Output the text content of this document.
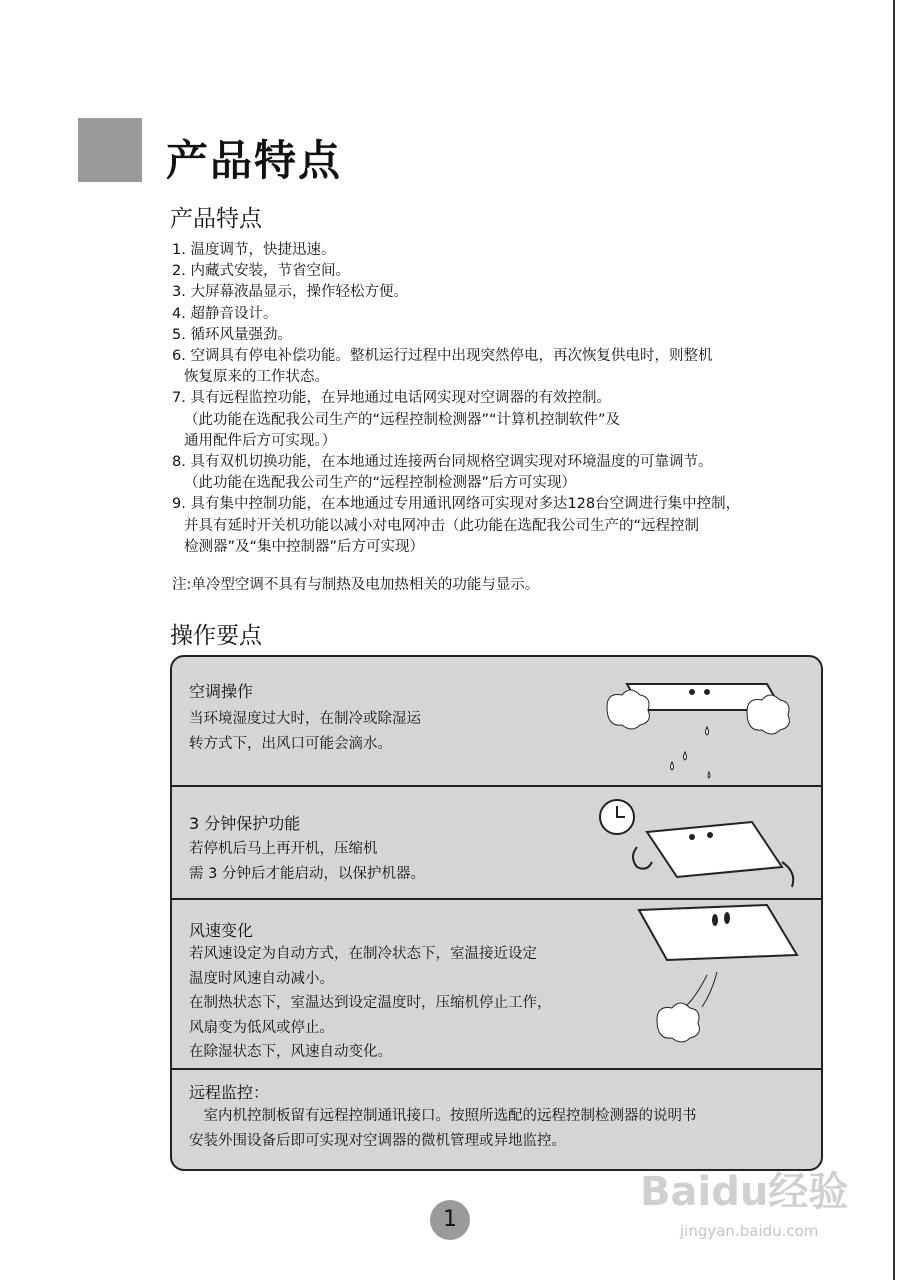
产品特点
产品特点
1. 温度调节，快捷迅速。
2. 内藏式安装，节省空间。
3. 大屏幕液晶显示，操作轻松方便。
4. 超静音设计。
5. 循环风量强劲。
6. 空调具有停电补偿功能。整机运行过程中出现突然停电，再次恢复供电时，则整机
恢复原来的工作状态。
7. 具有远程监控功能，在异地通过电话网实现对空调器的有效控制。
（此功能在选配我公司生产的“远程控制检测器”“计算机控制软件”及
通用配件后方可实现。）
8. 具有双机切换功能，在本地通过连接两台同规格空调实现对环境温度的可靠调节。
（此功能在选配我公司生产的“远程控制检测器”后方可实现）
9. 具有集中控制功能，在本地通过专用通讯网络可实现对多达128台空调进行集中控制，
并具有延时开关机功能以减小对电网冲击（此功能在选配我公司生产的“远程控制
检测器”及“集中控制器”后方可实现）
注:单冷型空调不具有与制热及电加热相关的功能与显示。
操作要点
空调操作
当环境湿度过大时，在制冷或除湿运
转方式下，出风口可能会滴水。
3 分钟保护功能
若停机后马上再开机，压缩机
需 3 分钟后才能启动，以保护机器。
风速变化
若风速设定为自动方式，在制冷状态下，室温接近设定
温度时风速自动减小。
在制热状态下，室温达到设定温度时，压缩机停止工作，
风扇变为低风或停止。
在除湿状态下，风速自动变化。
远程监控：
　室内机控制板留有远程控制通讯接口。按照所选配的远程控制检测器的说明书
安装外围设备后即可实现对空调器的微机管理或异地监控。
1
Baidu经验
jingyan.baidu.com
